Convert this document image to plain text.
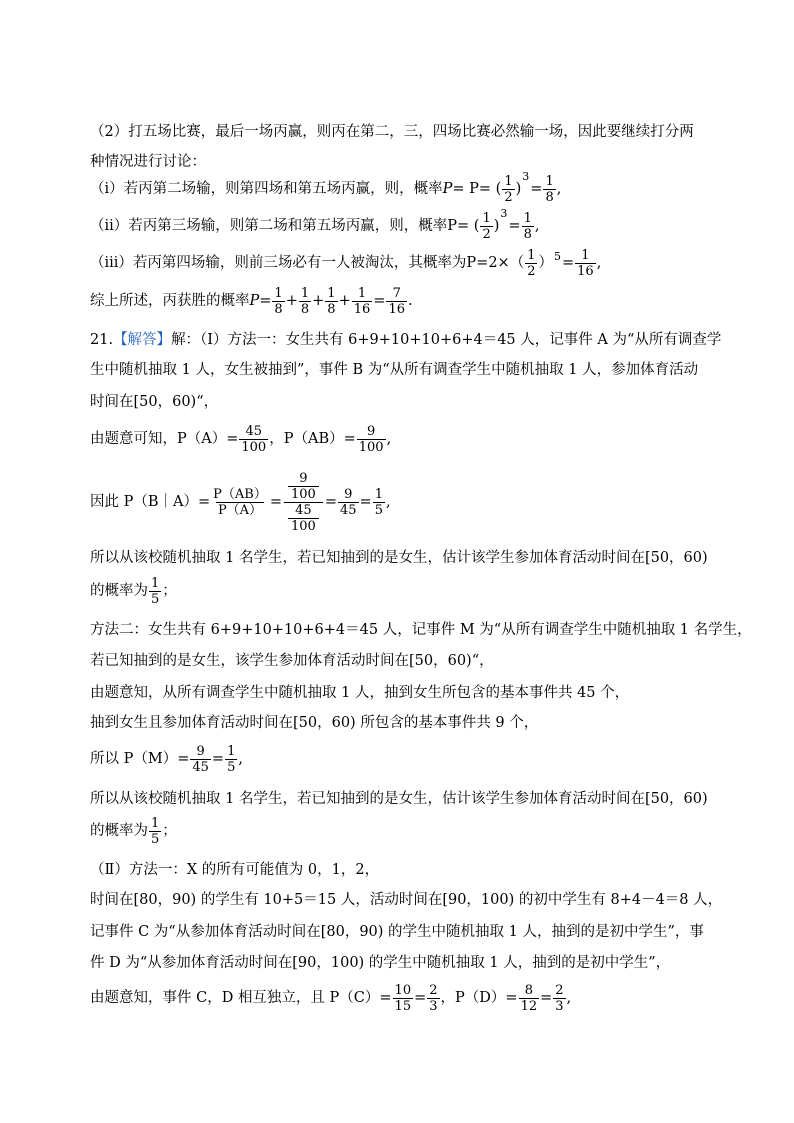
（2）打五场比赛，最后一场丙赢，则丙在第二，三，四场比赛必然输一场，因此要继续打分两
种情况进行讨论：
（i）若丙第二场输，则第四场和第五场丙赢，则，概率 P = P= ( $\frac{1}{2}$ )
3
= $\frac{1}{8}$ ,
（ii）若丙第三场输，则第二场和第五场丙赢，则，概率 P= ( $\frac{1}{2}$ )
3
= $\frac{1}{8}$ ,
（iii）若丙第四场输，则前三场必有一人被淘汰，其概率为 $P=2\times( \frac{1}{2}$ ） $5 = \frac{1}{16}$ ,
综上所述，丙获胜的概率 $P = \frac{1}{8} + \frac{1}{8} + \frac{1}{8} + \frac{1}{16} = \frac{7}{16}$ .
21. 【解答】 解：（Ⅰ）方法一：女生共有 6+9+10+10+6+4＝45 人，记事件 A 为“从所有调查学
生中随机抽取 1 人，女生被抽到”，事件 B 为“从所有调查学生中随机抽取 1 人，参加体育活动
时间在[50，60)“，
由题意可知，$P(A)= \frac{45}{100}$ ，$P(AB)= \frac{9}{100}$ ,
因此 P（B｜A）= $\frac{P(AB)}{P(A)} = \frac{\frac{9}{100}}{\frac{45}{100}} = \frac{9}{45} = \frac{1}{5}$ ,
所以从该校随机抽取 1 名学生，若已知抽到的是女生，估计该学生参加体育活动时间在[50，60)
的概率为 $\frac{1}{5}$ ；
方法二：女生共有 6+9+10+10+6+4＝45 人，记事件 M 为“从所有调查学生中随机抽取 1 名学生，
若已知抽到的是女生，该学生参加体育活动时间在[50，60)“，
由题意知，从所有调查学生中随机抽取 1 人，抽到女生所包含的基本事件共 45 个，
抽到女生且参加体育活动时间在[50，60) 所包含的基本事件共 9 个，
所以 $P(M)= \frac{9}{45} = \frac{1}{5}$ ,
所以从该校随机抽取 1 名学生，若已知抽到的是女生，估计该学生参加体育活动时间在[50，60)
的概率为 $\frac{1}{5}$ ；
（Ⅱ）方法一：X 的所有可能值为 0，1，2，
时间在[80，90) 的学生有 10+5＝15 人，活动时间在[90，100) 的初中学生有 8+4－4＝8 人，
记事件 C 为“从参加体育活动时间在[80，90) 的学生中随机抽取 1 人，抽到的是初中学生”，事
件 D 为“从参加体育活动时间在[90，100) 的学生中随机抽取 1 人，抽到的是初中学生”，
由题意知，事件 C，D 相互独立，且 $P(C)= \frac{10}{15} = \frac{2}{3}$ ，$P(D)= \frac{8}{12} = \frac{2}{3}$ ,
